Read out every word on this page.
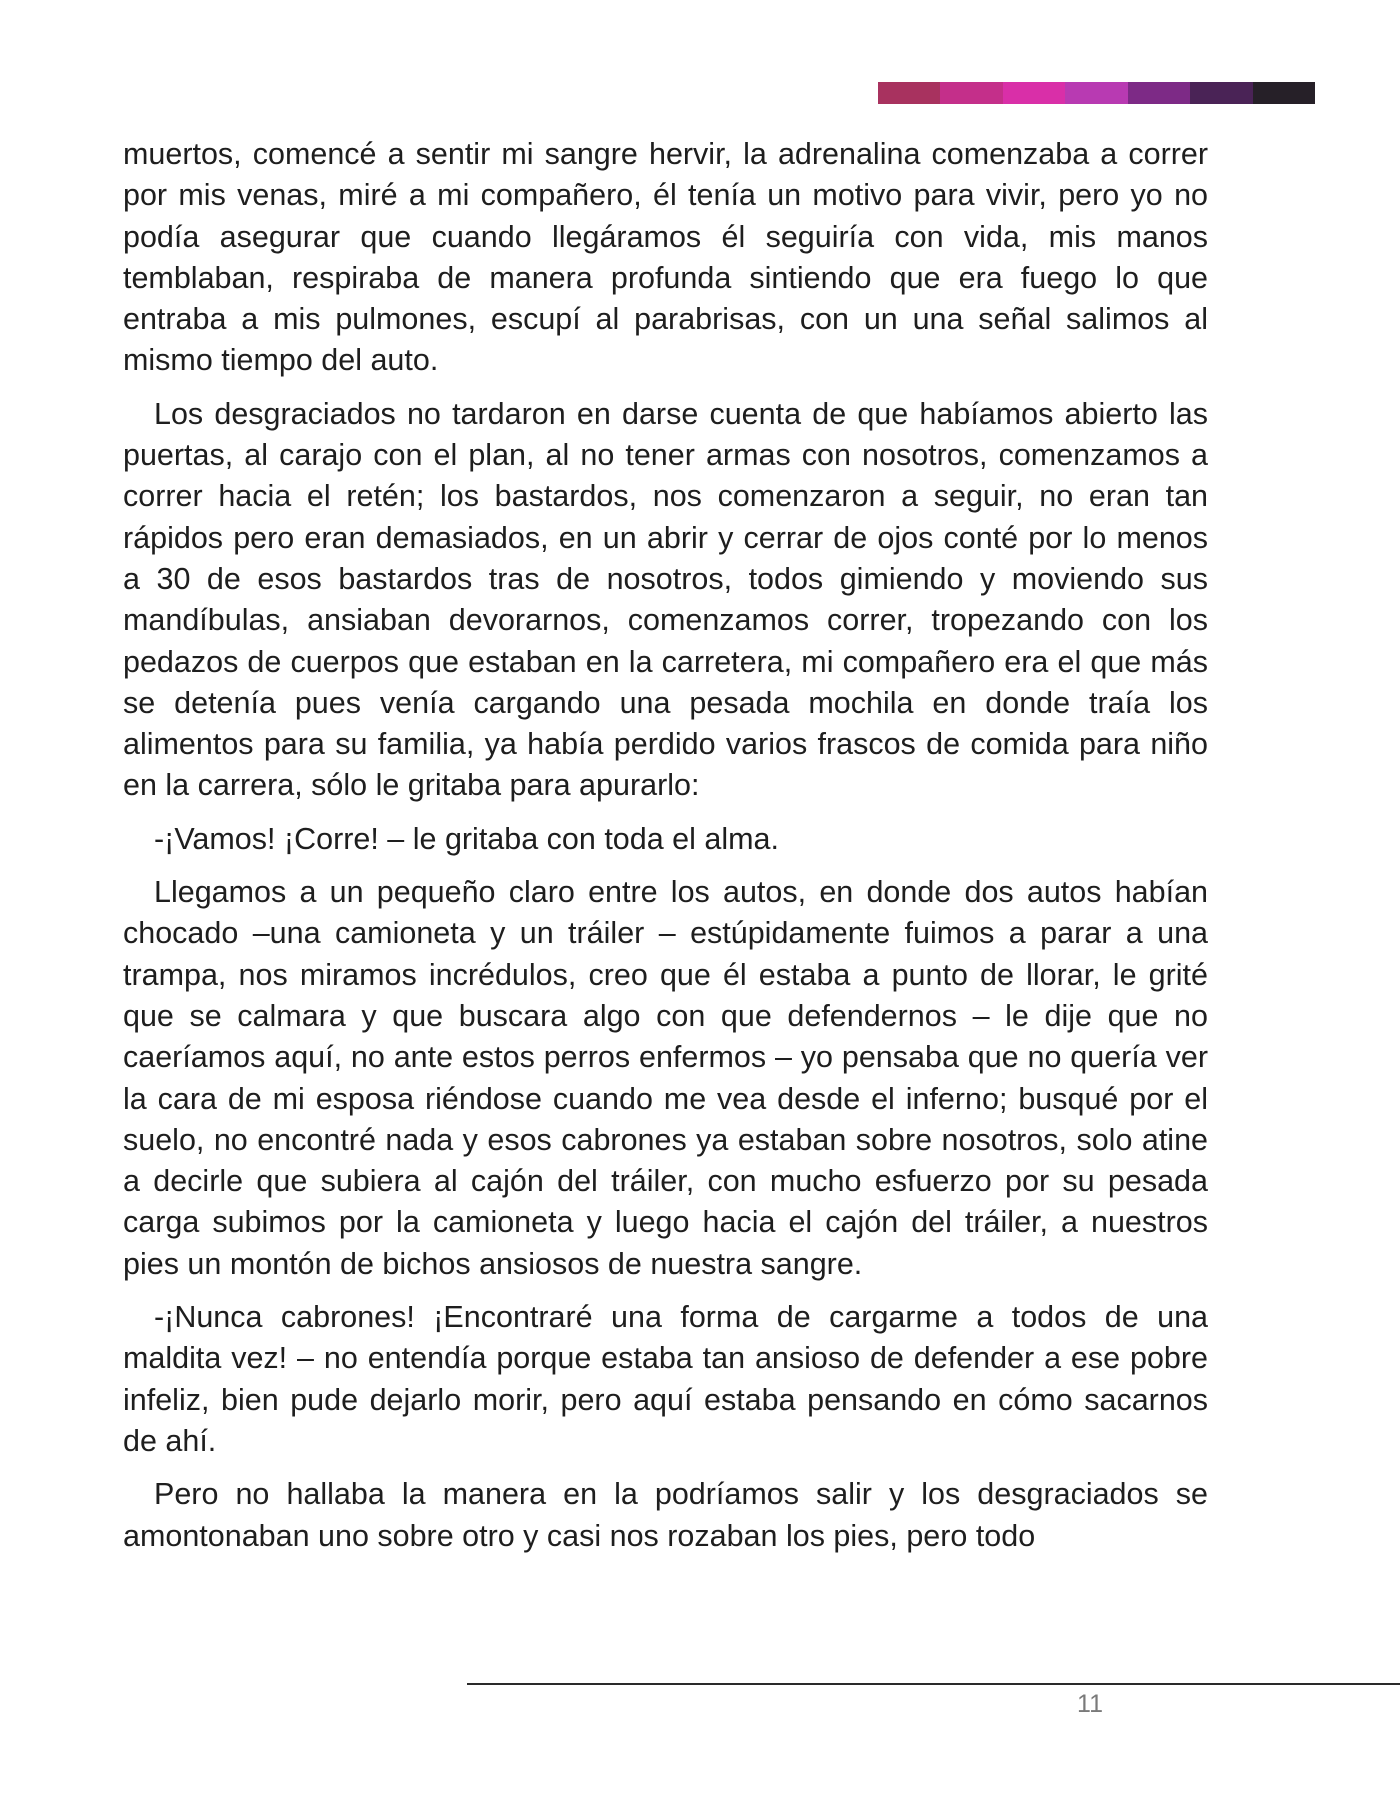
muertos, comencé a sentir mi sangre hervir, la adrenalina comenzaba a correr por mis venas, miré a mi compañero, él tenía un motivo para vivir, pero yo no podía asegurar que cuando llegáramos él seguiría con vida, mis manos temblaban, respiraba de manera profunda sintiendo que era fuego lo que entraba a mis pulmones, escupí al parabrisas, con un una señal salimos al mismo tiempo del auto.

Los desgraciados no tardaron en darse cuenta de que habíamos abierto las puertas, al carajo con el plan, al no tener armas con nosotros, comenzamos a correr hacia el retén; los bastardos, nos comenzaron a seguir, no eran tan rápidos pero eran demasiados, en un abrir y cerrar de ojos conté por lo menos a 30 de esos bastardos tras de nosotros, todos gimiendo y moviendo sus mandíbulas, ansiaban devorarnos, comenzamos correr, tropezando con los pedazos de cuerpos que estaban en la carretera, mi compañero era el que más se detenía pues venía cargando una pesada mochila en donde traía los alimentos para su familia, ya había perdido varios frascos de comida para niño en la carrera, sólo le gritaba para apurarlo:

-¡Vamos! ¡Corre! – le gritaba con toda el alma.

Llegamos a un pequeño claro entre los autos, en donde dos autos habían chocado –una camioneta y un tráiler – estúpidamente fuimos a parar a una trampa, nos miramos incrédulos, creo que él estaba a punto de llorar, le grité que se calmara y que buscara algo con que defendernos – le dije que no caeríamos aquí, no ante estos perros enfermos – yo pensaba que no quería ver la cara de mi esposa riéndose cuando me vea desde el inferno; busqué por el suelo, no encontré nada y esos cabrones ya estaban sobre nosotros, solo atine a decirle que subiera al cajón del tráiler, con mucho esfuerzo por su pesada carga subimos por la camioneta y luego hacia el cajón del tráiler, a nuestros pies un montón de bichos ansiosos de nuestra sangre.

-¡Nunca cabrones! ¡Encontraré una forma de cargarme a todos de una maldita vez! – no entendía porque estaba tan ansioso de defender a ese pobre infeliz, bien pude dejarlo morir, pero aquí estaba pensando en cómo sacarnos de ahí.

Pero no hallaba la manera en la podríamos salir y los desgraciados se amontonaban uno sobre otro y casi nos rozaban los pies, pero todo

11
